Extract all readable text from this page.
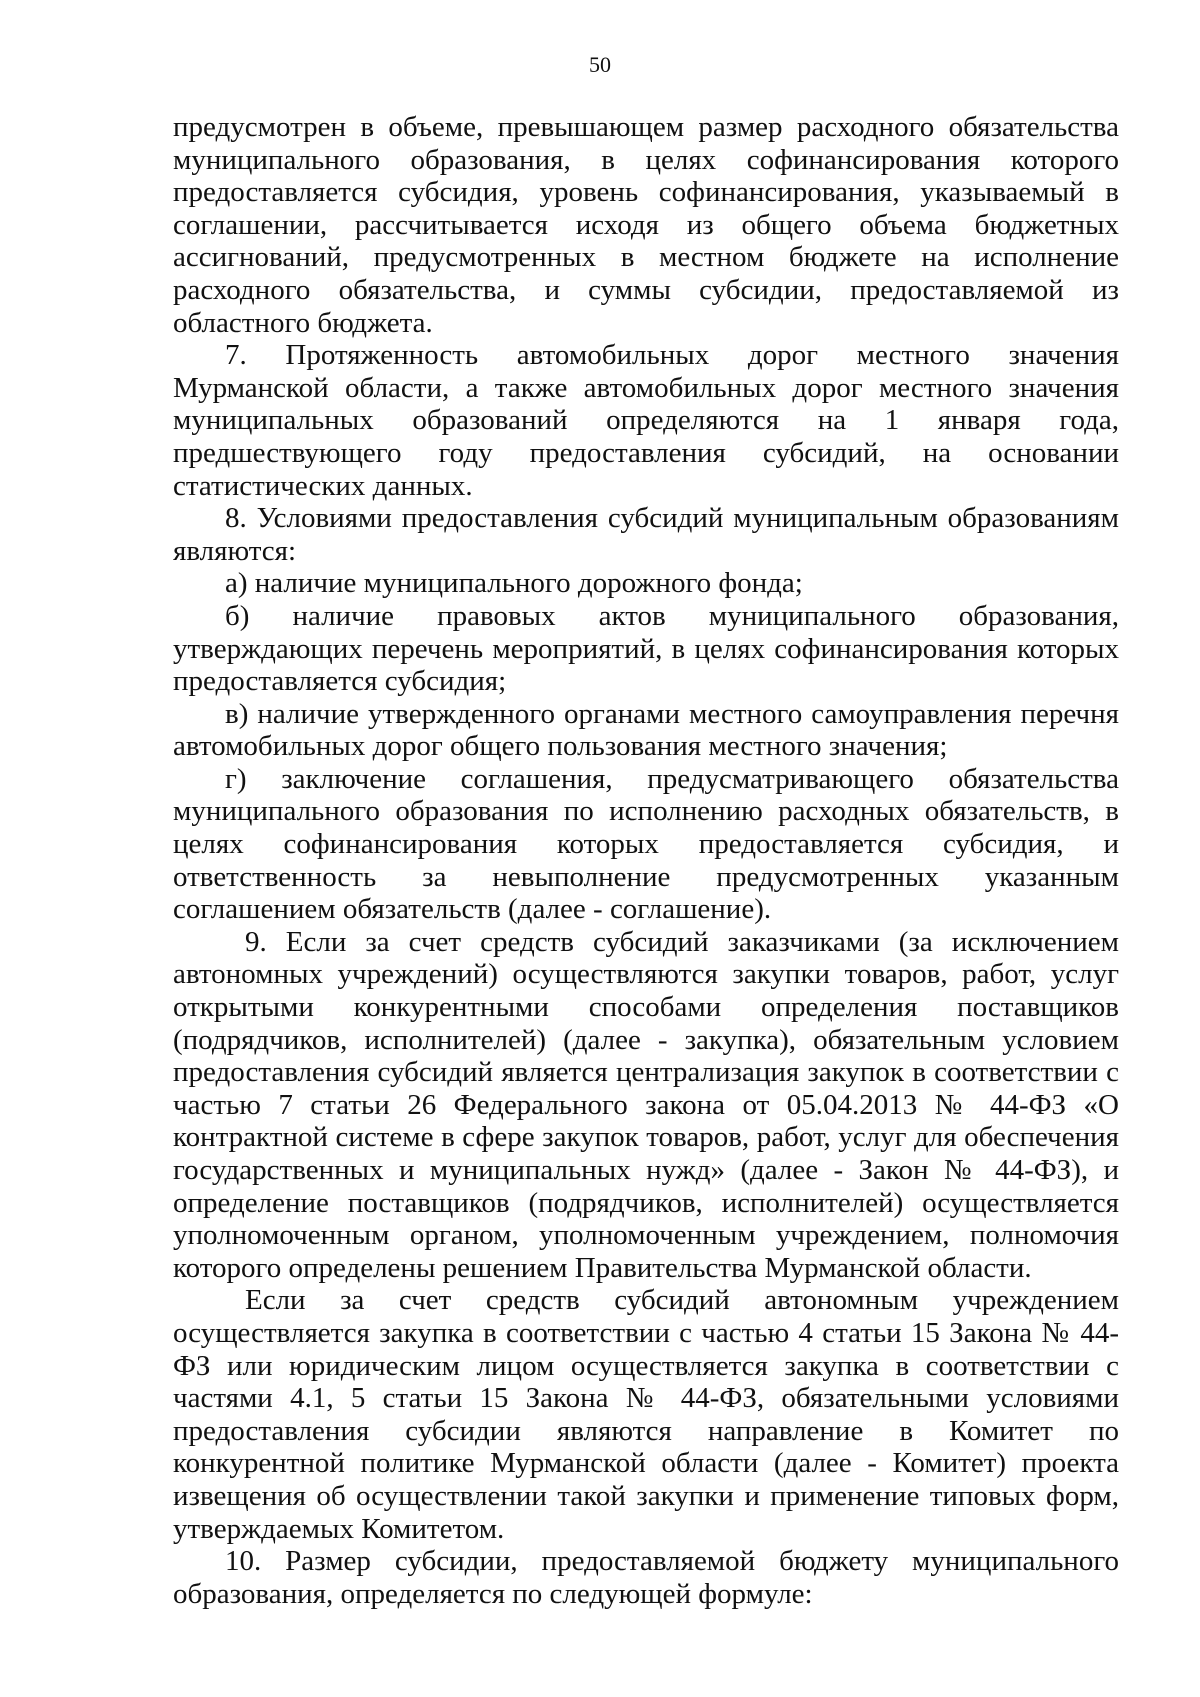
50

предусмотрен в объеме, превышающем размер расходного обязательства муниципального образования, в целях софинансирования которого предоставляется субсидия, уровень софинансирования, указываемый в соглашении, рассчитывается исходя из общего объема бюджетных ассигнований, предусмотренных в местном бюджете на исполнение расходного обязательства, и суммы субсидии, предоставляемой из областного бюджета.

7. Протяженность автомобильных дорог местного значения Мурманской области, а также автомобильных дорог местного значения муниципальных образований определяются на 1 января года, предшествующего году предоставления субсидий, на основании статистических данных.

8. Условиями предоставления субсидий муниципальным образованиям являются:

а) наличие муниципального дорожного фонда;

б) наличие правовых актов муниципального образования, утверждающих перечень мероприятий, в целях софинансирования которых предоставляется субсидия;

в) наличие утвержденного органами местного самоуправления перечня автомобильных дорог общего пользования местного значения;

г) заключение соглашения, предусматривающего обязательства муниципального образования по исполнению расходных обязательств, в целях софинансирования которых предоставляется субсидия, и ответственность за невыполнение предусмотренных указанным соглашением обязательств (далее - соглашение).

9. Если за счет средств субсидий заказчиками (за исключением автономных учреждений) осуществляются закупки товаров, работ, услуг открытыми конкурентными способами определения поставщиков (подрядчиков, исполнителей) (далее - закупка), обязательным условием предоставления субсидий является централизация закупок в соответствии с частью 7 статьи 26 Федерального закона от 05.04.2013 № 44-ФЗ «О контрактной системе в сфере закупок товаров, работ, услуг для обеспечения государственных и муниципальных нужд» (далее - Закон № 44-ФЗ), и определение поставщиков (подрядчиков, исполнителей) осуществляется уполномоченным органом, уполномоченным учреждением, полномочия которого определены решением Правительства Мурманской области.

Если за счет средств субсидий автономным учреждением осуществляется закупка в соответствии с частью 4 статьи 15 Закона № 44-ФЗ или юридическим лицом осуществляется закупка в соответствии с частями 4.1, 5 статьи 15 Закона № 44-ФЗ, обязательными условиями предоставления субсидии являются направление в Комитет по конкурентной политике Мурманской области (далее - Комитет) проекта извещения об осуществлении такой закупки и применение типовых форм, утверждаемых Комитетом.

10. Размер субсидии, предоставляемой бюджету муниципального образования, определяется по следующей формуле:
